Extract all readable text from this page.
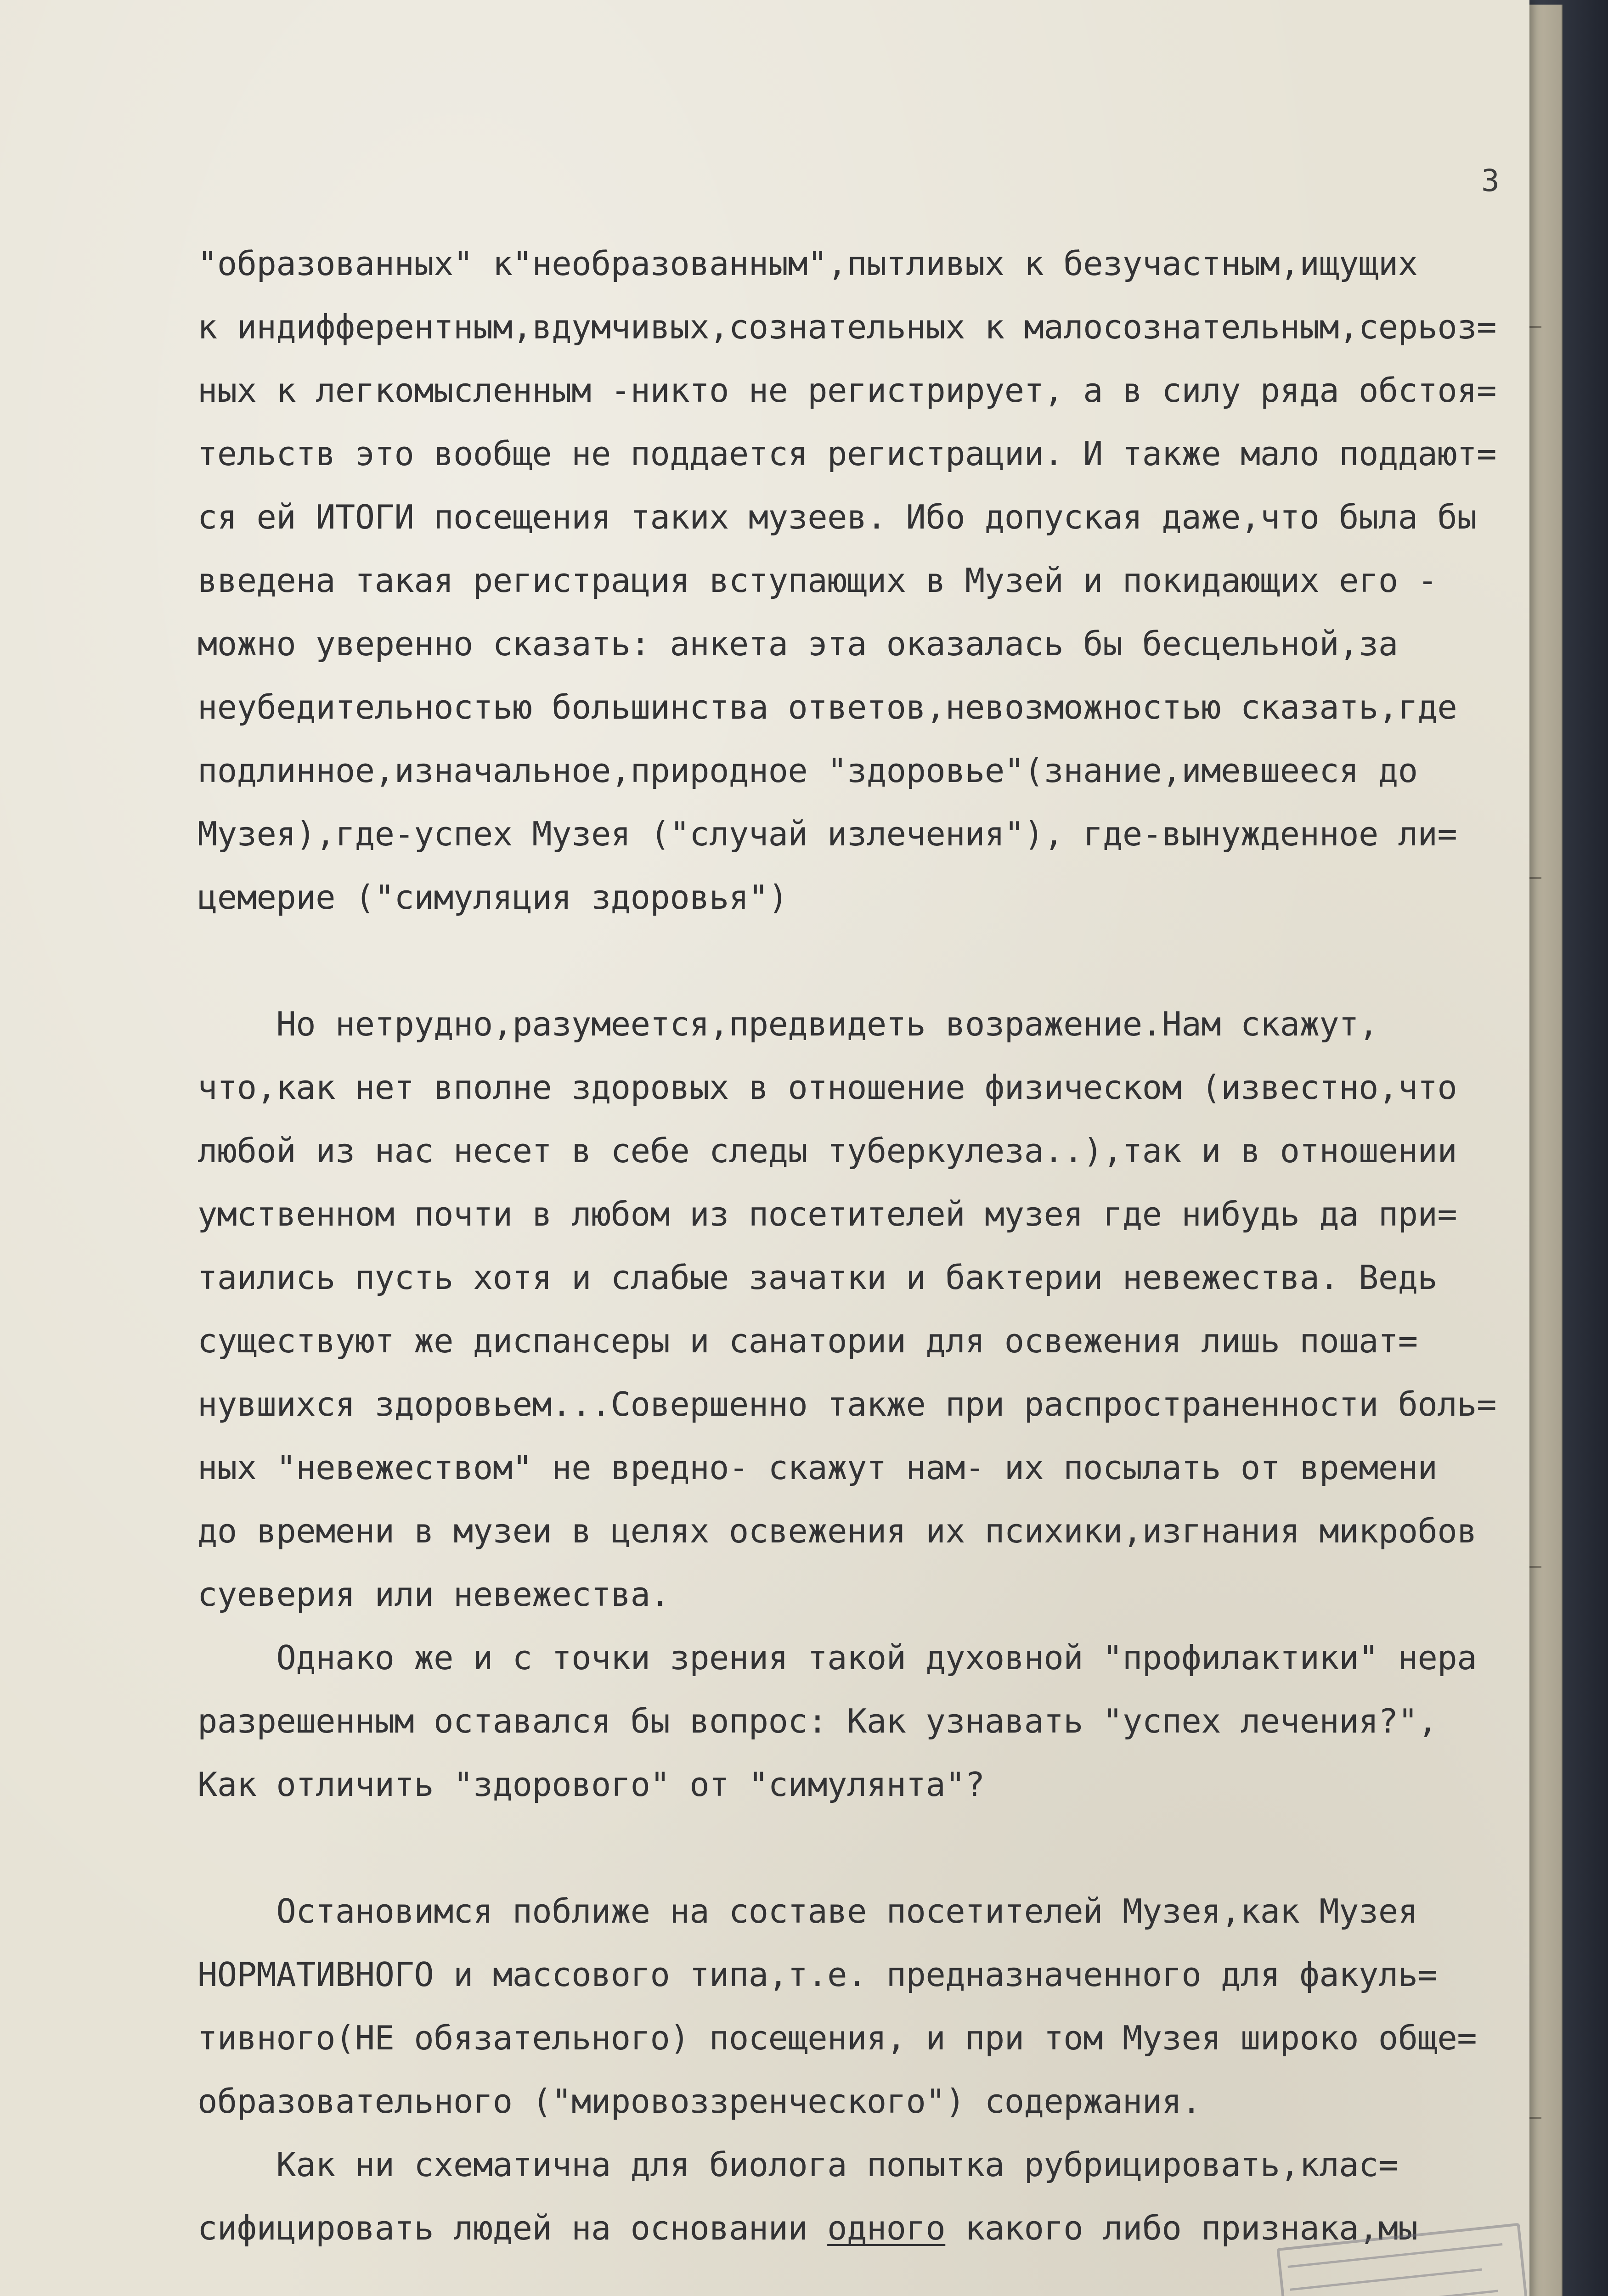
3
"образованных" к"необразованным",пытливых к безучастным,ищущих
к индифферентным,вдумчивых,сознательных к малосознательным,серьоз=
ных к легкомысленным -никто не регистрирует, а в силу ряда обстоя=
тельств это вообще не поддается регистрации. И также мало поддают=
ся ей ИТОГИ посещения таких музеев. Ибо допуская даже,что была бы
введена такая регистрация вступающих в Музей и покидающих его -
можно уверенно сказать: анкета эта оказалась бы бесцельной,за
неубедительностью большинства ответов,невозможностью сказать,где
подлинное,изначальное,природное "здоровье"(знание,имевшееся до
Музея),где-успех Музея ("случай излечения"), где-вынужденное ли=
цемерие ("симуляция здоровья")
Но нетрудно,разумеется,предвидеть возражение.Нам скажут,
что,как нет вполне здоровых в отношение физическом (известно,что
любой из нас несет в себе следы туберкулеза..),так и в отношении
умственном почти в любом из посетителей музея где нибудь да при=
таились пусть хотя и слабые зачатки и бактерии невежества. Ведь
существуют же диспансеры и санатории для освежения лишь пошат=
нувшихся здоровьем...Совершенно также при распространенности боль=
ных "невежеством" не вредно- скажут нам- их посылать от времени
до времени в музеи в целях освежения их психики,изгнания микробов
суеверия или невежества.
Однако же и с точки зрения такой духовной "профилактики" нера
разрешенным оставался бы вопрос: Как узнавать "успех лечения?",
Как отличить "здорового" от "симулянта"?
Остановимся поближе на составе посетителей Музея,как Музея
НОРМАТИВНОГО и массового типа,т.е. предназначенного для факуль=
тивного(НЕ обязательного) посещения, и при том Музея широко обще=
образовательного ("мировоззренческого") содержания.
Как ни схематична для биолога попытка рубрицировать,клас=
сифицировать людей на основании одного какого либо признака,мы
